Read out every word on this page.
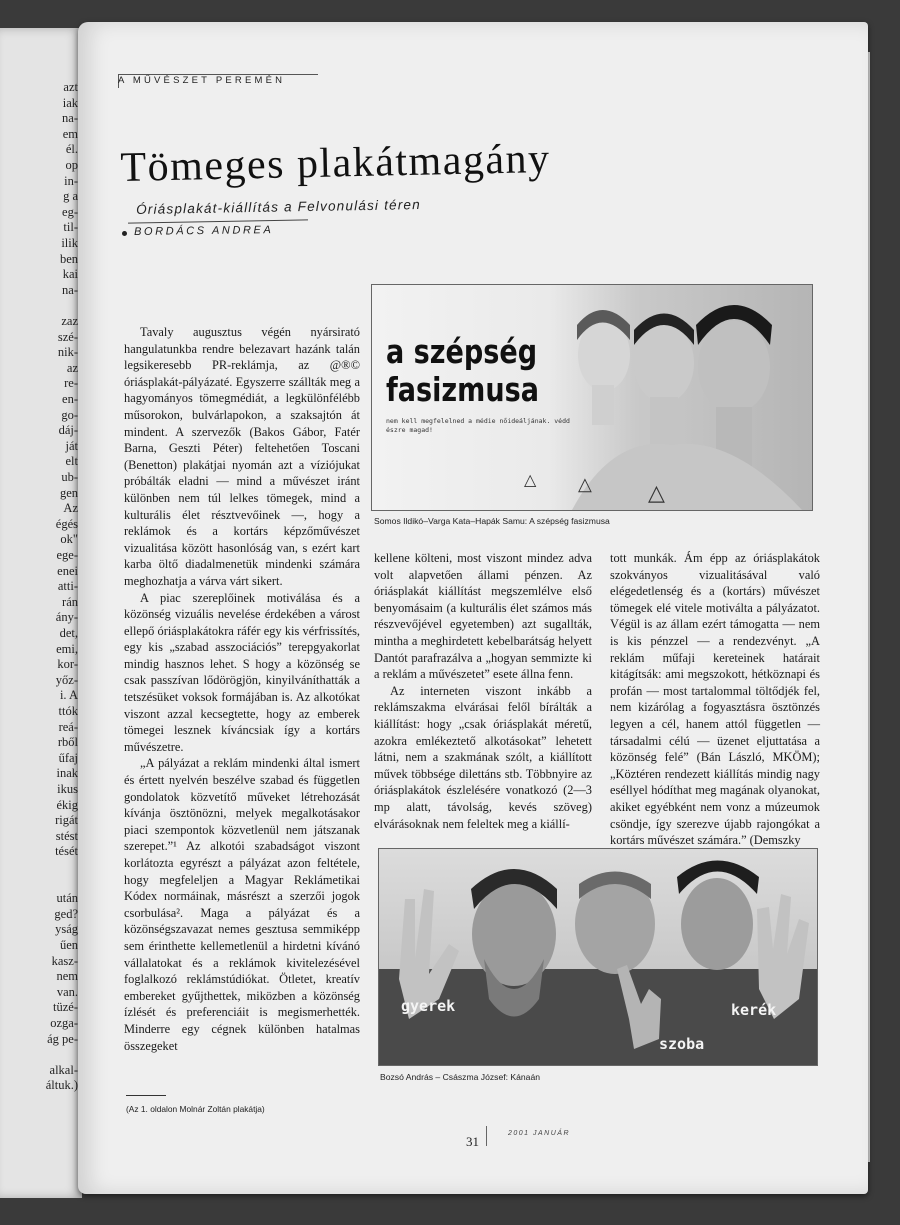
azt
iak
na-
em
él.
op
in-
g a
eg-
til-
ilik
ben
kai
na-
zaz
szé-
nik-
az
re-
en-
go-
dáj-
ját
elt
ub-
gen
Az
égés
ok"
ege-
enei
atti-
rán
ány-
det,
emi,
kor-
yőz-
i. A
ttók
reá-
rből
űfaj
inak
ikus
ékig
rigát
stést
tését
után
ged?
yság
űen
kasz-
nem
van.
tüzé-
ozga-
ág pe-
alkal-
áltuk.)
A MŰVÉSZET PEREMÉN
Tömeges plakátmagány
Óriásplakát-kiállítás a Felvonulási téren
BORDÁCS ANDREA
a szépség
fasizmusa
nem kell megfelelned a médiе nőideáljának. védd észre magad!
△ △	△
Somos Ildikó–Varga Kata–Hapák Samu: A szépség fasizmusa

Tavaly augusztus végén nyársirató hangulatunkba rendre belezavart hazánk talán legsikeresebb PR-reklámja, az @®© óriásplakát-pályázaté. Egyszerre szállták meg a hagyományos tömegmédiát, a legkülönfélébb műsorokon, bulvárlapokon, a szaksajtón át mindent. A szervezők (Bakos Gábor, Fatér Barna, Geszti Péter) feltehetően Toscani (Benetton) plakátjai nyomán azt a víziójukat próbálták eladni — mind a művészet iránt különben nem túl lelkes tömegek, mind a kulturális élet résztvevőinek —, hogy a reklámok és a kortárs képzőművészet vizualitása között hasonlóság van, s ezért kart karba öltő diadalmenetük mindenki számára meghozhatja a várva várt sikert.

A piac szereplőinek motiválása és a közönség vizuális nevelése érdekében a várost ellepő óriásplakátokra ráfér egy kis vérfrissítés, egy kis „szabad asszociációs” terepgyakorlat mindig hasznos lehet. S hogy a közönség se csak passzívan lődörögjön, kinyilváníthatták a tetszésüket voksok formájában is. Az alkotókat viszont azzal kecsegtette, hogy az emberek tömegei lesznek kíváncsiak így a kortárs művészetre.

„A pályázat a reklám mindenki által ismert és értett nyelvén beszélve szabad és független gondolatok közvetítő műveket létrehozását kívánja ösztönözni, melyek megalkotásakor piaci szempontok közvetlenül nem játszanak szerepet.”¹ Az alkotói szabadságot viszont korlátozta egyrészt a pályázat azon feltétele, hogy megfeleljen a Magyar Reklámetikai Kódex normáinak, másrészt a szerzői jogok csorbulása². Maga a pályázat és a közönségszavazat nemes gesztusa semmiképp sem érinthette kellemetlenül a hirdetni kívánó vállalatokat és a reklámok kivitelezésével foglalkozó reklámstúdiókat. Ötletet, kreatív embereket gyűjthettek, miközben a közönség ízlését és preferenciáit is megismerhették. Minderre egy cégnek különben hatalmas összegeket

kellene költeni, most viszont mindez adva volt alapvetően állami pénzen. Az óriásplakát kiállítást megszemlélve első benyomásaim (a kulturális élet számos más részvevőjével egyetemben) azt sugallták, mintha a meghirdetett kebelbarátság helyett Dantót parafrazálva a „hogyan semmizte ki a reklám a művészetet” esete állna fenn.

Az interneten viszont inkább a reklámszakma elvárásai felől bírálták a kiállítást: hogy „csak óriásplakát méretű, azokra emlékeztető alkotásokat” lehetett látni, nem a szakmának szólt, a kiállított művek többsége dilettáns stb. Többnyire az óriásplakátok észlelésére vonatkozó (2—3 mp alatt, távolság, kevés szöveg) elvárásoknak nem feleltek meg a kiállí-

tott munkák. Ám épp az óriásplakátok szokványos vizualitásával való elégedetlenség és a (kortárs) művészet tömegek elé vitele motiválta a pályázatot. Végül is az állam ezért támogatta — nem is kis pénzzel — a rendezvényt. „A reklám műfaji kereteinek határait kitágítsák: ami megszokott, hétköznapi és profán — most tartalommal töltődjék fel, nem kizárólag a fogyasztásra ösztönzés legyen a cél, hanem attól független — társadalmi célú — üzenet eljuttatása a közönség felé” (Bán László, MKÖM); „Köztéren rendezett kiállítás mindig nagy eséllyel hódíthat meg magának olyanokat, akiket egyébként nem vonz a múzeumok csöndje, így szerezve újabb rajongókat a kortárs művészet számára.” (Demszky

gyerek
szoba
kerék
Bozsó András – Császma József: Kánaán
(Az 1. oldalon Molnár Zoltán plakátja)
31
2001 JANUÁR
